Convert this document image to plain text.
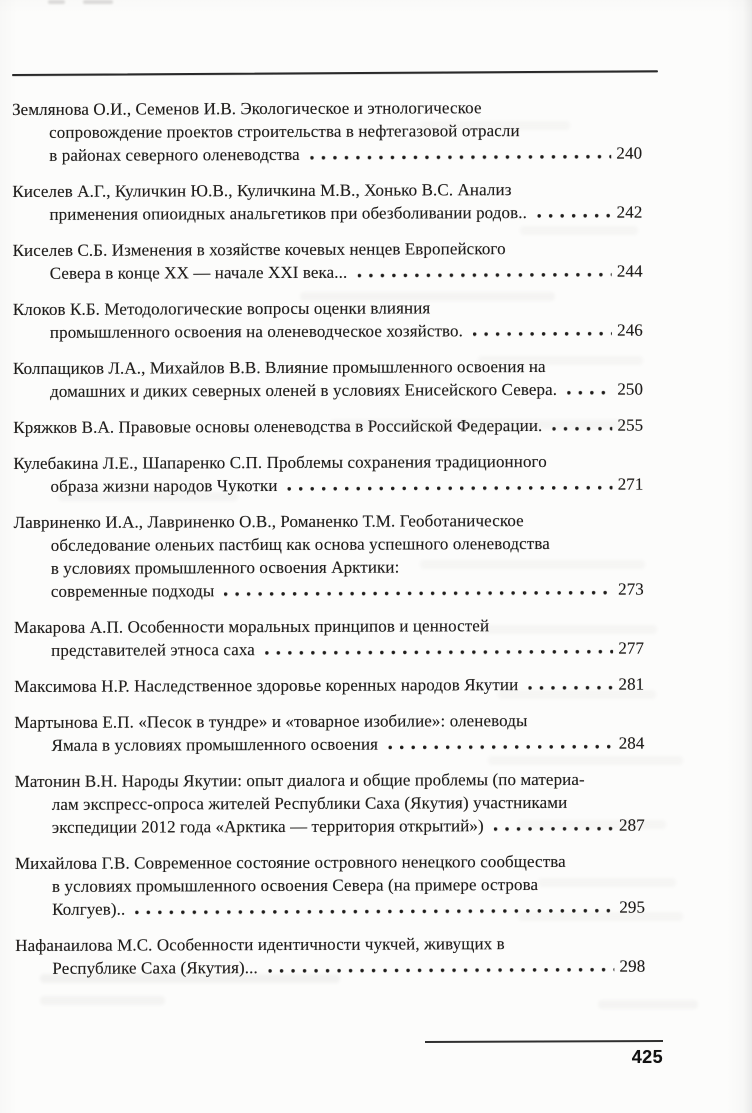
Землянова О.И., Семенов И.В. Экологическое и этнологическое
сопровождение проектов строительства в нефтегазовой отрасли
в районах северного оленеводства	240
Киселев А.Г., Куличкин Ю.В., Куличкина М.В., Хонько В.С. Анализ
применения опиоидных анальгетиков при обезболивании родов..	242
Киселев С.Б. Изменения в хозяйстве кочевых ненцев Европейского
Севера в конце XX — начале XXI века...	244
Клоков К.Б. Методологические вопросы оценки влияния
промышленного освоения на оленеводческое хозяйство.	246
Колпащиков Л.А., Михайлов В.В. Влияние промышленного освоения на
домашних и диких северных оленей в условиях Енисейского Севера.	250
Кряжков В.А. Правовые основы оленеводства в Российской Федерации.	255
Кулебакина Л.Е., Шапаренко С.П. Проблемы сохранения традиционного
образа жизни народов Чукотки	271
Лавриненко И.А., Лавриненко О.В., Романенко Т.М. Геоботаническое
обследование оленьих пастбищ как основа успешного оленеводства
в условиях промышленного освоения Арктики:
современные подходы	273
Макарова А.П. Особенности моральных принципов и ценностей
представителей этноса саха	277
Максимова Н.Р. Наследственное здоровье коренных народов Якутии	281
Мартынова Е.П. «Песок в тундре» и «товарное изобилие»: оленеводы
Ямала в условиях промышленного освоения	284
Матонин В.Н. Народы Якутии: опыт диалога и общие проблемы (по материа-
лам экспресс-опроса жителей Республики Саха (Якутия) участниками
экспедиции 2012 года «Арктика — территория открытий»)	287
Михайлова Г.В. Современное состояние островного ненецкого сообщества
в условиях промышленного освоения Севера (на примере острова
Колгуев)..	295
Нафанаилова М.С. Особенности идентичности чукчей, живущих в
Республике Саха (Якутия)...	298
425
